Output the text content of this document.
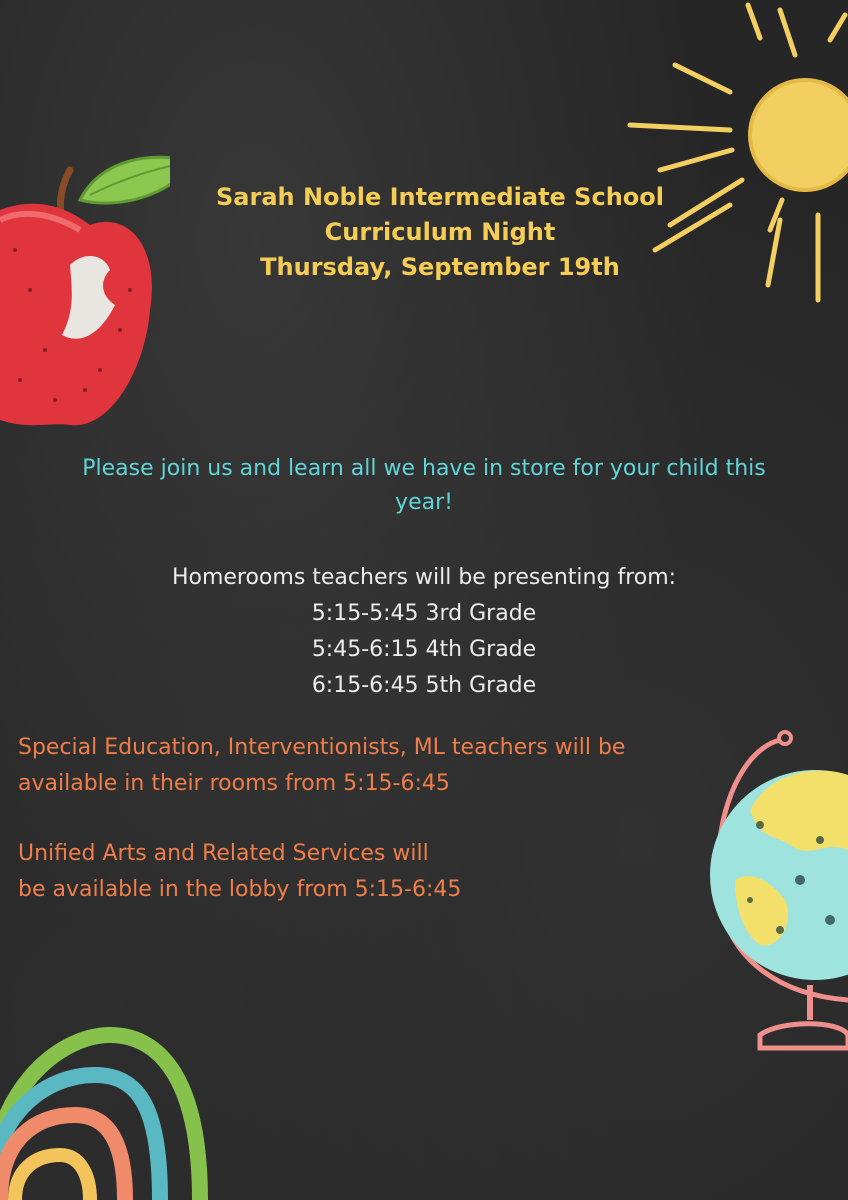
Sarah Noble Intermediate School
Curriculum Night
Thursday, September 19th
Please join us and learn all we have in store for your child this
year!
Homerooms teachers will be presenting from:
5:15-5:45 3rd Grade
5:45-6:15 4th Grade
6:15-6:45 5th Grade
Special Education, Interventionists, ML teachers will be
available in their rooms from 5:15-6:45
Unified Arts and Related Services will
be available in the lobby from 5:15-6:45
